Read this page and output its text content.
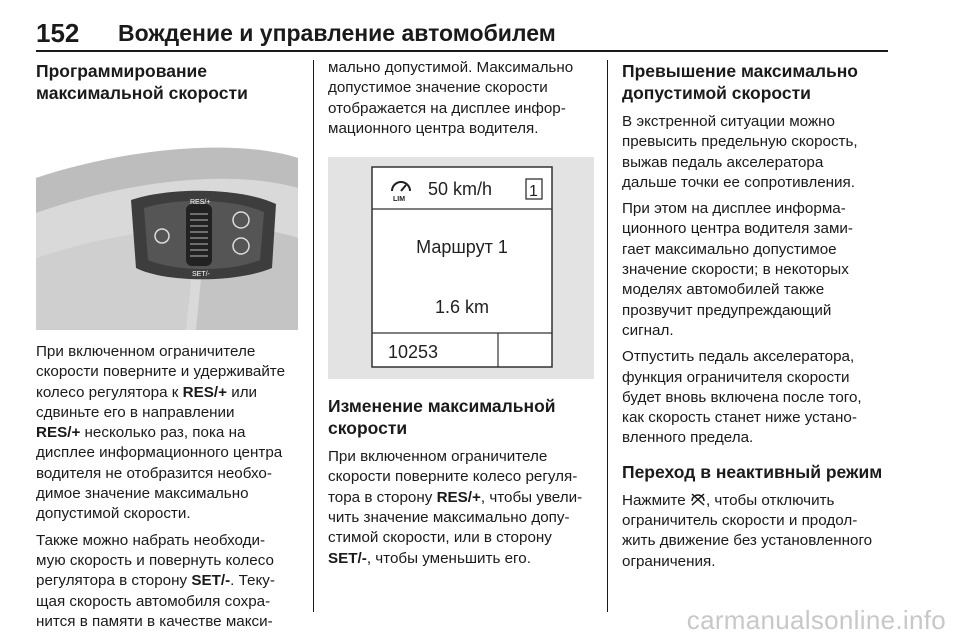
152 Вождение и управление автомобилем

Программирование
максимальной скорости

RES/+
SET/-

При включенном ограничителе
скорости поверните и удерживайте
колесо регулятора к RES/+ или
сдвиньте его в направлении
RES/+ несколько раз, пока на
дисплее информационного центра
водителя не отобразится необхо-
димое значение максимально
допустимой скорости.

Также можно набрать необходи-
мую скорость и повернуть колесо
регулятора в сторону SET/-. Теку-
щая скорость автомобиля сохра-
нится в памяти в качестве макси-

мально допустимой. Максимально
допустимое значение скорости
отображается на дисплее инфор-
мационного центра водителя.

LIM
50 km/h 1
Маршрут 1
1.6 km
10253

Изменение максимальной
скорости

При включенном ограничителе
скорости поверните колесо регуля-
тора в сторону RES/+, чтобы увели-
чить значение максимально допу-
стимой скорости, или в сторону
SET/-, чтобы уменьшить его.

Превышение максимально
допустимой скорости

В экстренной ситуации можно
превысить предельную скорость,
выжав педаль акселератора
дальше точки ее сопротивления.

При этом на дисплее информа-
ционного центра водителя зами-
гает максимально допустимое
значение скорости; в некоторых
моделях автомобилей также
прозвучит предупреждающий
сигнал.

Отпустить педаль акселератора,
функция ограничителя скорости
будет вновь включена после того,
как скорость станет ниже устано-
вленного предела.

Переход в неактивный режим

Нажмите , чтобы отключить
ограничитель скорости и продол-
жить движение без установленного
ограничения.

carmanualsonline.info
